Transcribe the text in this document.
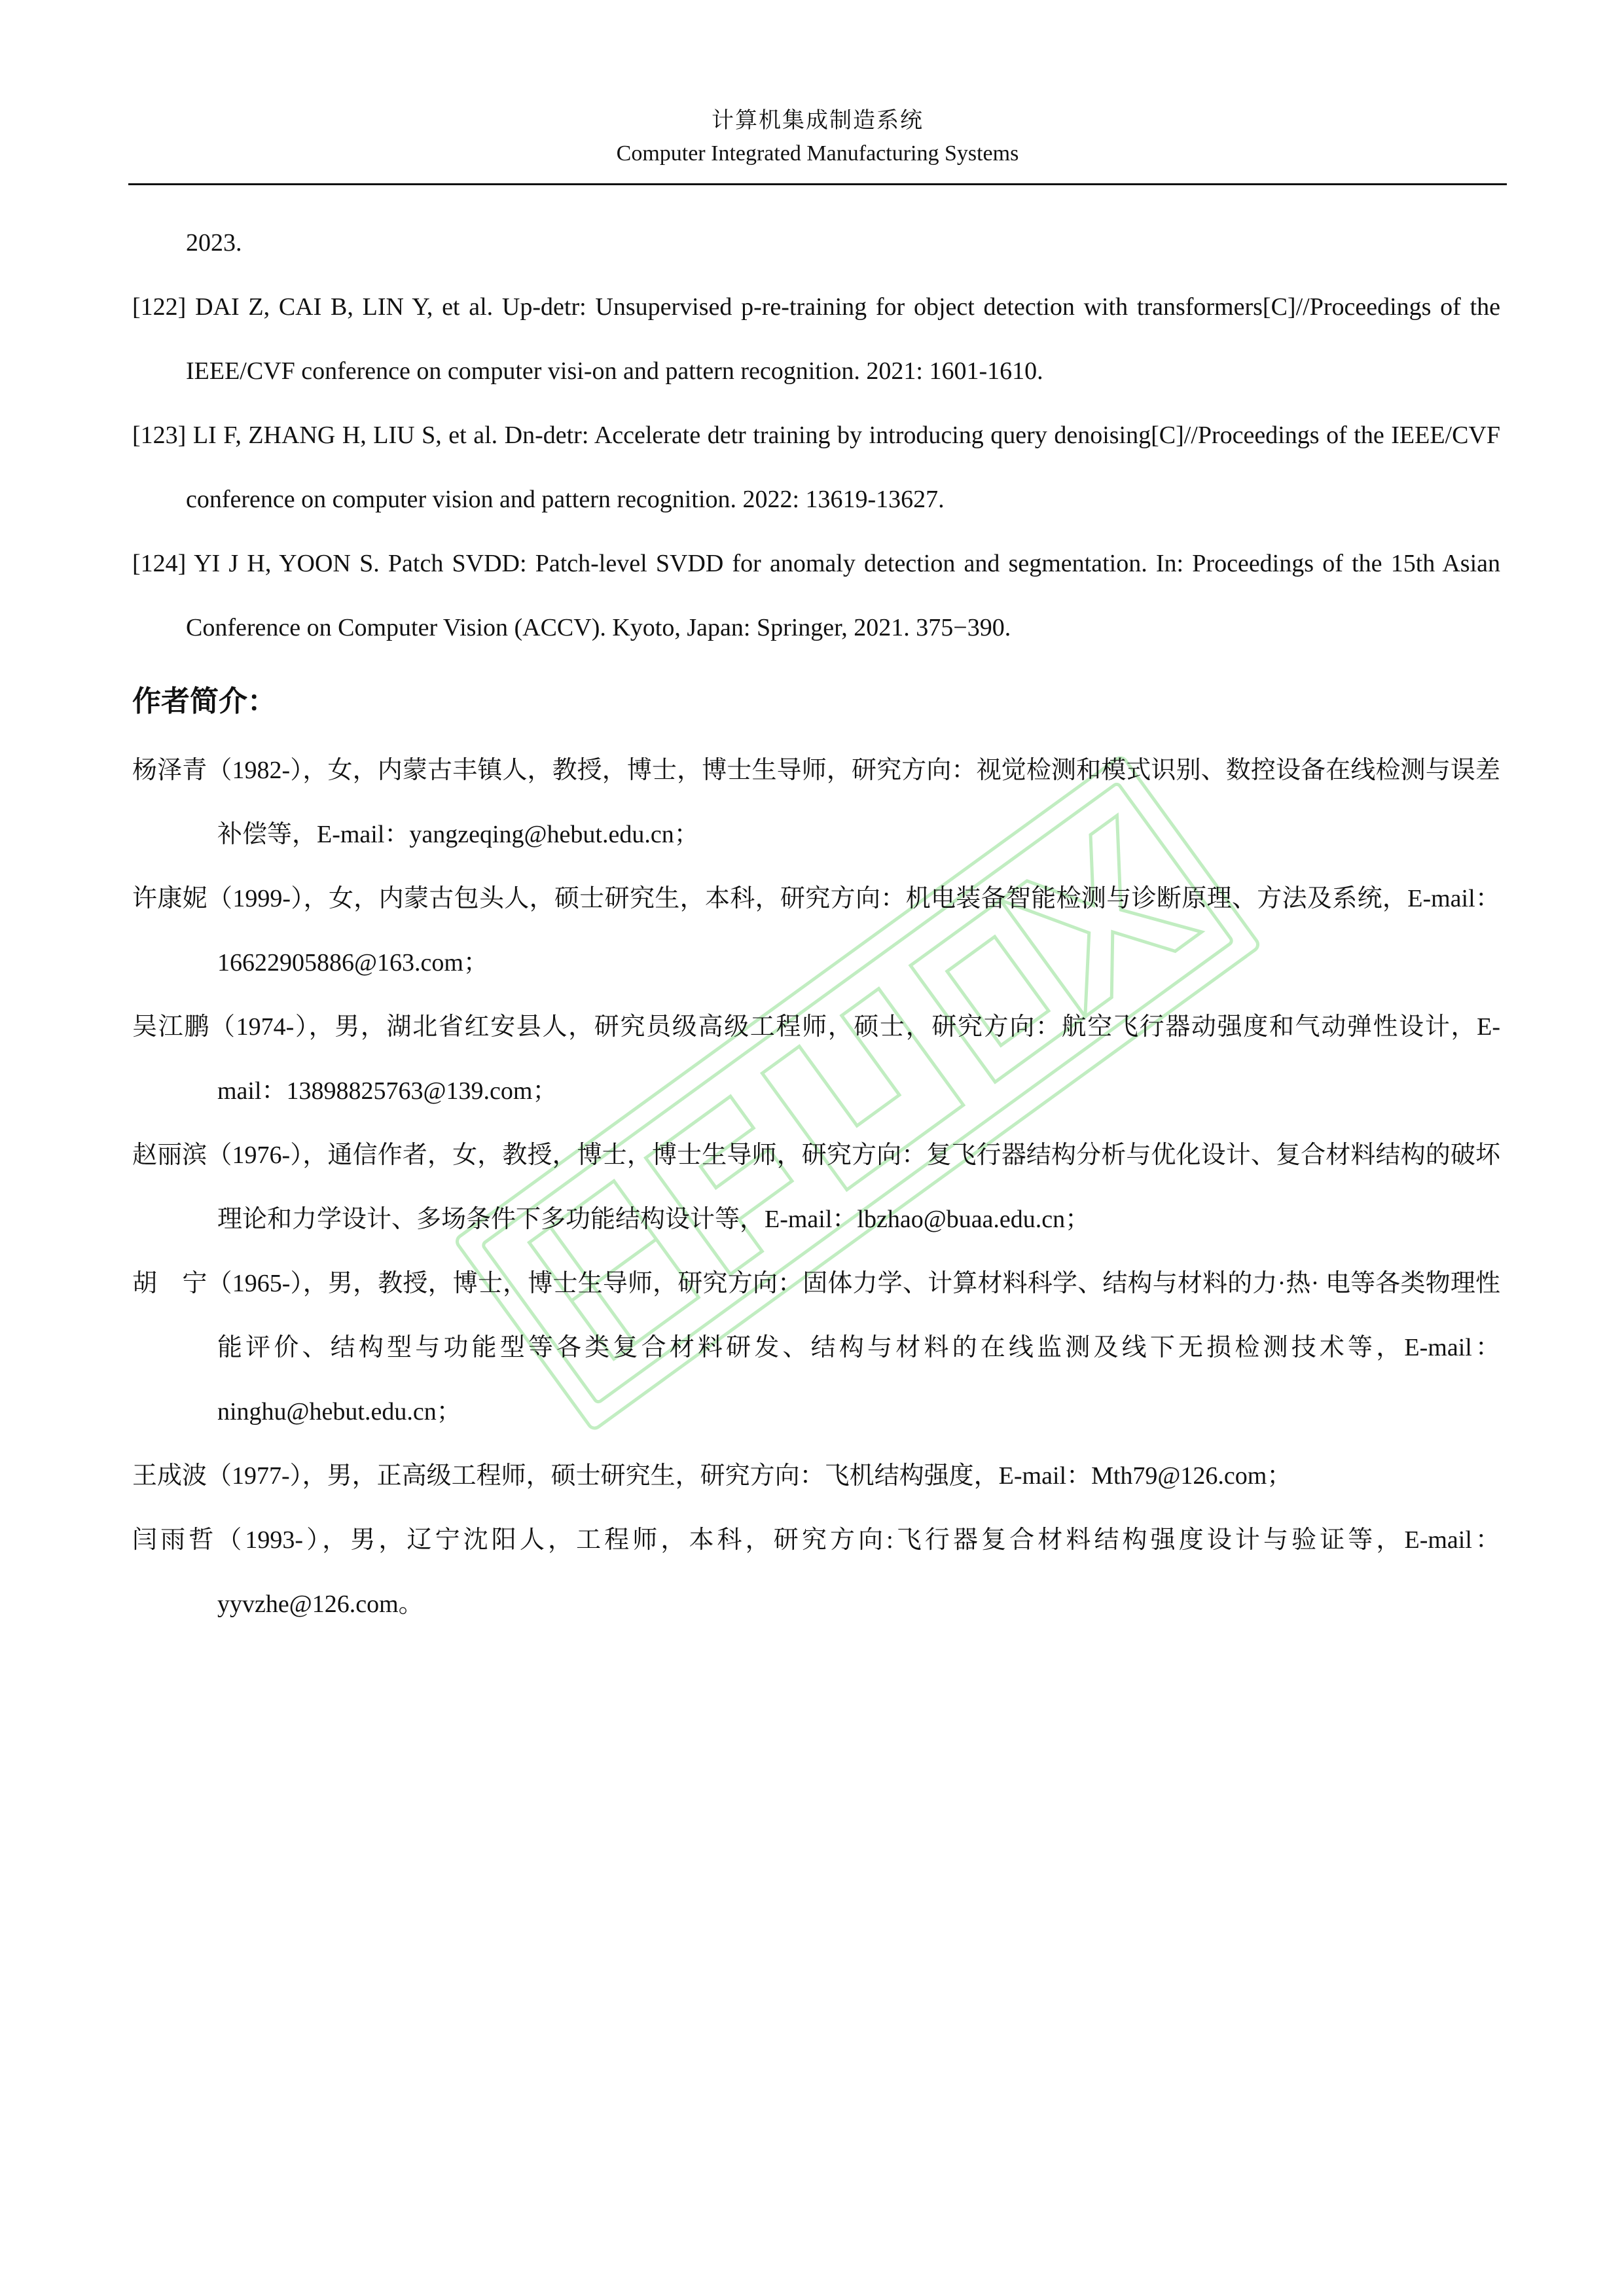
计算机集成制造系统
Computer Integrated Manufacturing Systems
2023.
[122] DAI Z, CAI B, LIN Y, et al. Up-detr: Unsupervised p-re-training for object detection with transformers[C]//Proceedings of the IEEE/CVF conference on computer visi-on and pattern recognition. 2021: 1601-1610.
[123] LI F, ZHANG H, LIU S, et al. Dn-detr: Accelerate detr training by introducing query denoising[C]//Proceedings of the IEEE/CVF conference on computer vision and pattern recognition. 2022: 13619-13627.
[124] YI J H, YOON S. Patch SVDD: Patch-level SVDD for anomaly detection and segmentation. In: Proceedings of the 15th Asian Conference on Computer Vision (ACCV). Kyoto, Japan: Springer, 2021. 375−390.
作者简介：
杨泽青（1982-），女，内蒙古丰镇人，教授，博士，博士生导师，研究方向：视觉检测和模式识别、数控设备在线检测与误差补偿等，E-mail：yangzeqing@hebut.edu.cn；
许康妮（1999-），女，内蒙古包头人，硕士研究生，本科，研究方向：机电装备智能检测与诊断原理、方法及系统，E-mail：16622905886@163.com；
吴江鹏（1974-），男，湖北省红安县人，研究员级高级工程师，硕士，研究方向：航空飞行器动强度和气动弹性设计，E-mail：13898825763@139.com；
赵丽滨（1976-），通信作者，女，教授，博士，博士生导师，研究方向：复飞行器结构分析与优化设计、复合材料结构的破坏理论和力学设计、多场条件下多功能结构设计等，E-mail：lbzhao@buaa.edu.cn；
胡　宁（1965-），男，教授，博士，博士生导师，研究方向：固体力学、计算材料科学、结构与材料的力·热· 电等各类物理性能评价、结构型与功能型等各类复合材料研发、结构与材料的在线监测及线下无损检测技术等，E-mail：ninghu@hebut.edu.cn；
王成波（1977-），男，正高级工程师，硕士研究生，研究方向：飞机结构强度，E-mail：Mth79@126.com；
闫雨哲（1993-），男，辽宁沈阳人，工程师，本科，研究方向:飞行器复合材料结构强度设计与验证等，E-mail：yyvzhe@126.com。
